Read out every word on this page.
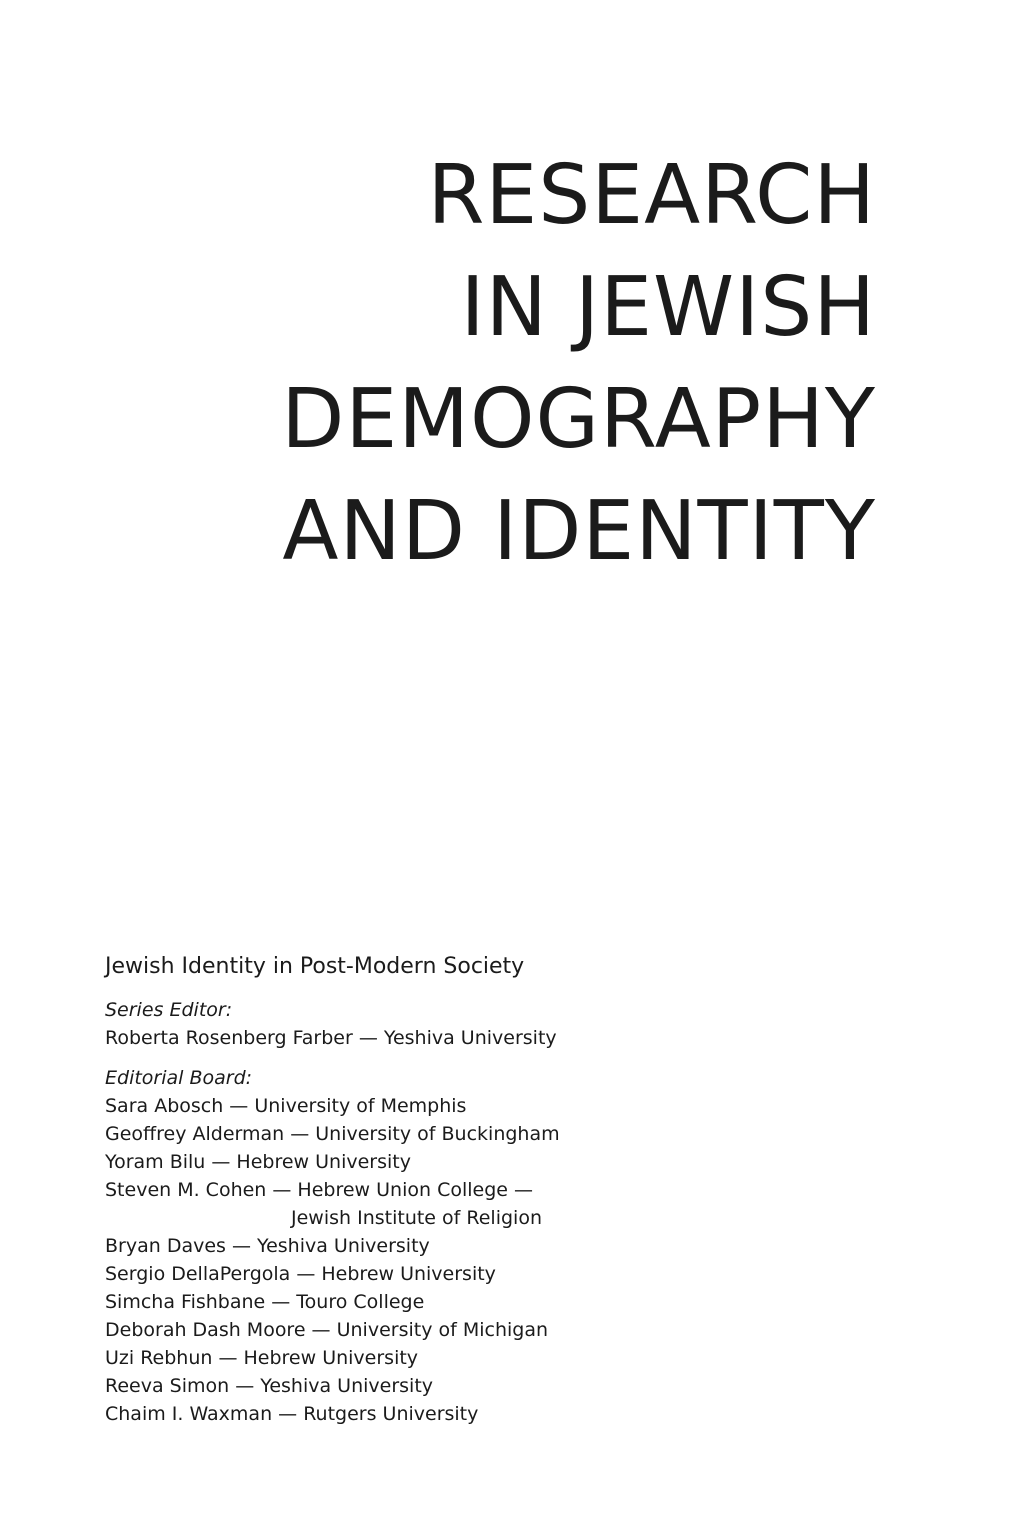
RESEARCH
IN JEWISH
DEMOGRAPHY
AND IDENTITY
Jewish Identity in Post-Modern Society
Series Editor:
Roberta Rosenberg Farber — Yeshiva University
Editorial Board:
Sara Abosch — University of Memphis
Geoffrey Alderman — University of Buckingham
Yoram Bilu — Hebrew University
Steven M. Cohen — Hebrew Union College —
Jewish Institute of Religion
Bryan Daves — Yeshiva University
Sergio DellaPergola — Hebrew University
Simcha Fishbane — Touro College
Deborah Dash Moore — University of Michigan
Uzi Rebhun — Hebrew University
Reeva Simon — Yeshiva University
Chaim I. Waxman — Rutgers University
